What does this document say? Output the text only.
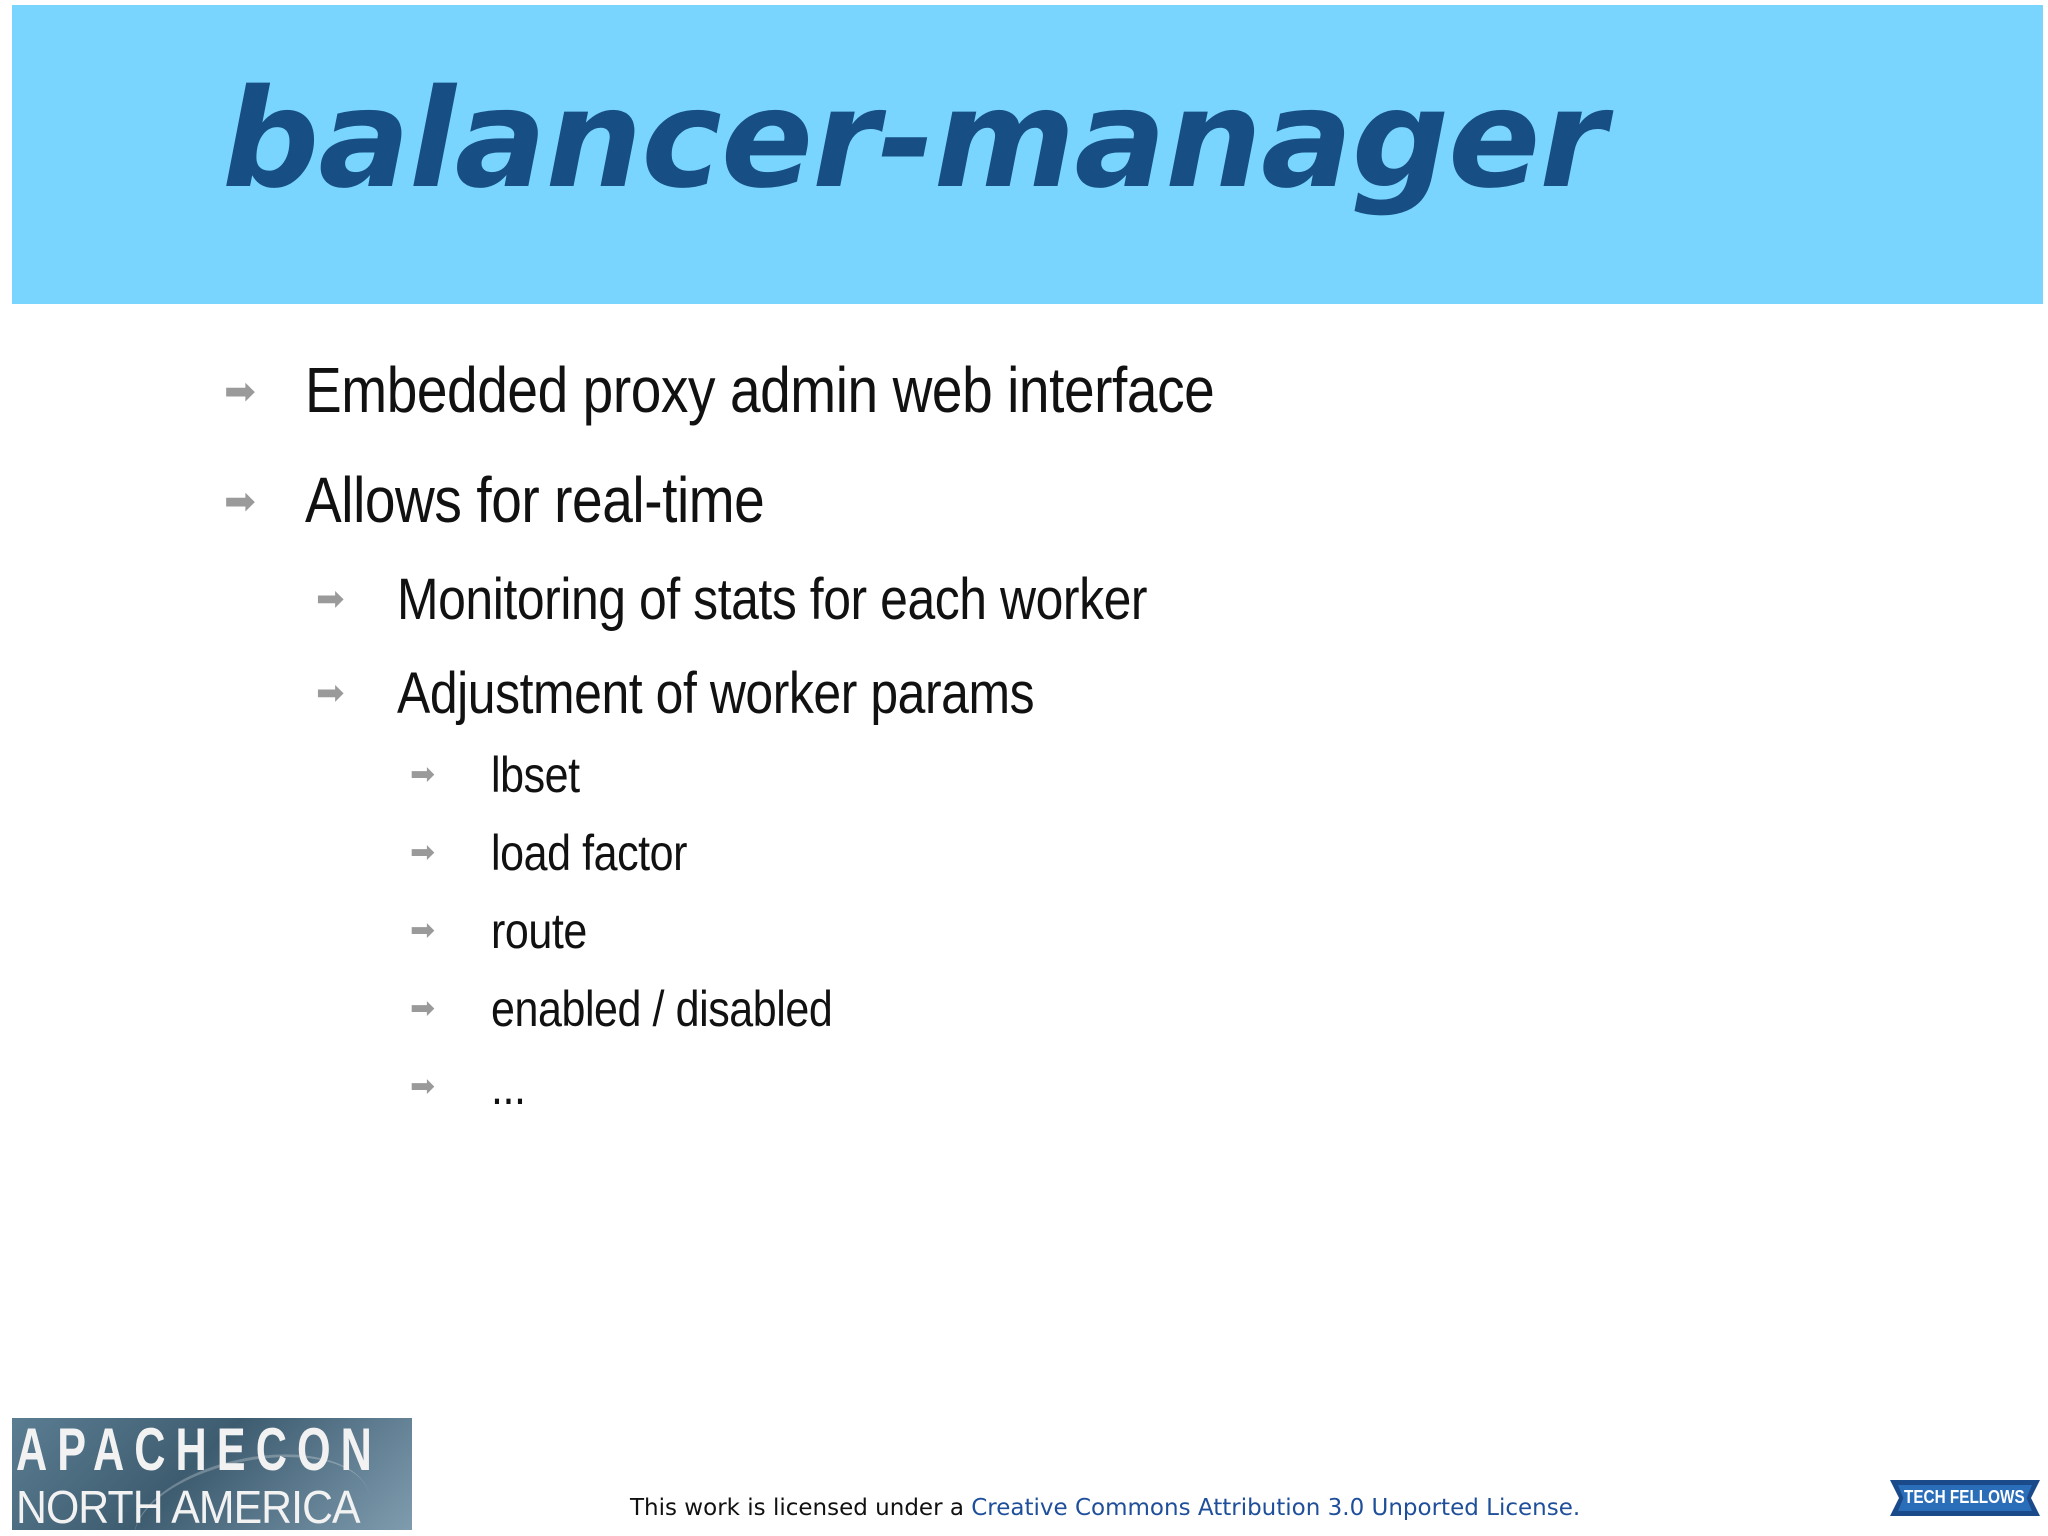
balancer-manager
➡ Embedded proxy admin web interface
➡ Allows for real-time
➡ Monitoring of stats for each worker
➡ Adjustment of worker params
➡ lbset
➡ load factor
➡ route
➡ enabled / disabled
➡ ...
APACHECON
NORTH AMERICA	This work is licensed under a Creative Commons Attribution 3.0 Unported License.	TECH FELLOWS
